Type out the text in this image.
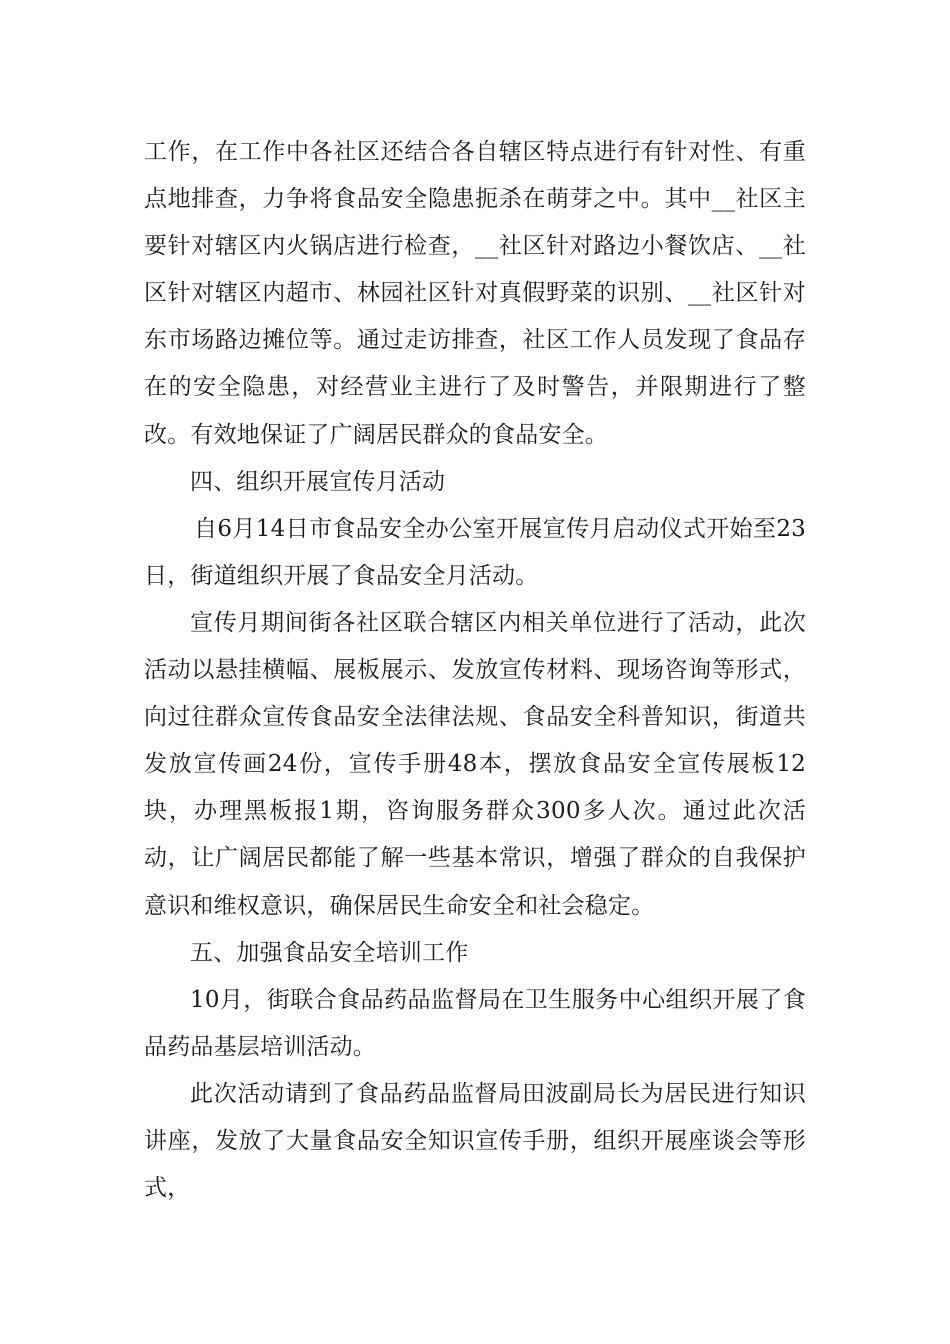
工作，在工作中各社区还结合各自辖区特点进行有针对性、有重点地排查，力争将食品安全隐患扼杀在萌芽之中。其中__社区主要针对辖区内火锅店进行检查，__社区针对路边小餐饮店、__社区针对辖区内超市、林园社区针对真假野菜的识别、__社区针对东市场路边摊位等。通过走访排查，社区工作人员发现了食品存在的安全隐患，对经营业主进行了及时警告，并限期进行了整改。有效地保证了广阔居民群众的食品安全。

四、组织开展宣传月活动

自6月14日市食品安全办公室开展宣传月启动仪式开始至23日，街道组织开展了食品安全月活动。

宣传月期间街各社区联合辖区内相关单位进行了活动，此次活动以悬挂横幅、展板展示、发放宣传材料、现场咨询等形式，向过往群众宣传食品安全法律法规、食品安全科普知识，街道共发放宣传画24份，宣传手册48本，摆放食品安全宣传展板12块，办理黑板报1期，咨询服务群众300多人次。通过此次活动，让广阔居民都能了解一些基本常识，增强了群众的自我保护意识和维权意识，确保居民生命安全和社会稳定。

五、加强食品安全培训工作

10月，街联合食品药品监督局在卫生服务中心组织开展了食品药品基层培训活动。

此次活动请到了食品药品监督局田波副局长为居民进行知识讲座，发放了大量食品安全知识宣传手册，组织开展座谈会等形式，
